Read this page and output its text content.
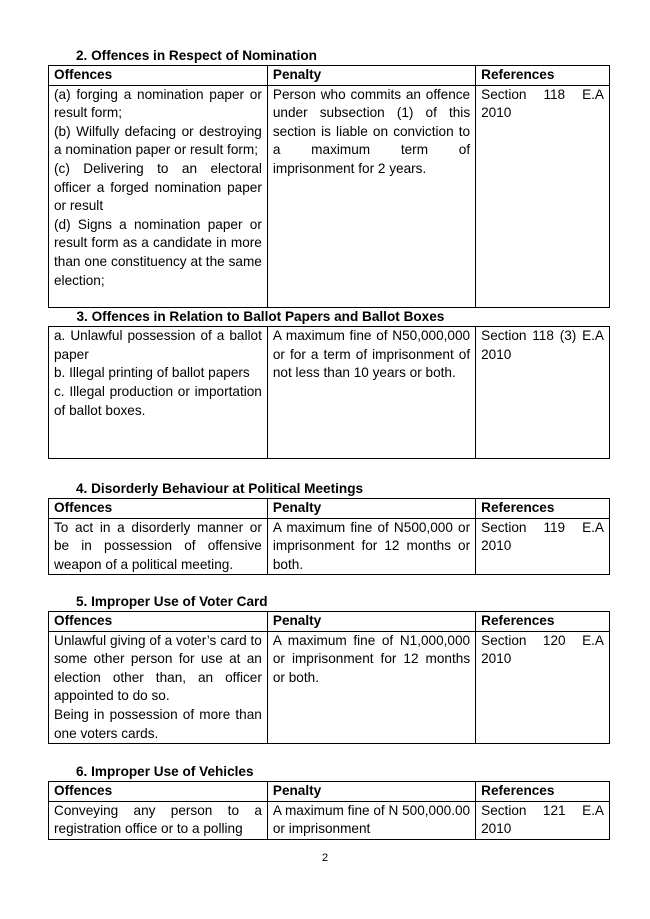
2. Offences in Respect of Nomination
Offences	Penalty	References

(a) forging a nomination paper or result form;
(b) Wilfully defacing or destroying a nomination paper or result form;
(c) Delivering to an electoral officer a forged nomination paper or result
(d) Signs a nomination paper or result form as a candidate in more than one constituency at the same election;	Person who commits an offence under subsection (1) of this section is liable on conviction to a maximum term of imprisonment for 2 years.	Section 118 E.A 2010
3. Offences in Relation to Ballot Papers and Ballot Boxes		

a. Unlawful possession of a ballot paper
b. Illegal printing of ballot papers
c. Illegal production or importation of ballot boxes.	A maximum fine of N50,000,000 or for a term of imprisonment of not less than 10 years or both.	Section 118 (3) E.A 2010
4. Disorderly Behaviour at Political Meetings
Offences	Penalty	References

To act in a disorderly manner or be in possession of offensive weapon of a political meeting.	A maximum fine of N500,000 or imprisonment for 12 months or both.	Section 119 E.A 2010
5. Improper Use of Voter Card
Offences	Penalty	References

Unlawful giving of a voter’s card to some other person for use at an election other than, an officer appointed to do so.
Being in possession of more than one voters cards.	A maximum fine of N1,000,000 or imprisonment for 12 months or both.	Section 120 E.A 2010
6. Improper Use of Vehicles
Offences	Penalty	References

Conveying any person to a registration office or to a polling	A maximum fine of N 500,000.00 or imprisonment	Section 121 E.A 2010
2
